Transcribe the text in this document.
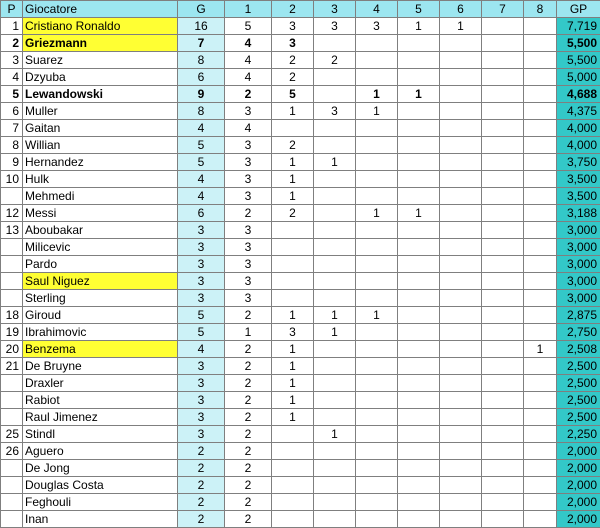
P	Giocatore	G	1	2	3	4	5	6	7	8	GP
1	Cristiano Ronaldo	16	5	3	3	3	1	1			7,719
2	Griezmann	7	4	3							5,500
3	Suarez	8	4	2	2						5,500
4	Dzyuba	6	4	2							5,000
5	Lewandowski	9	2	5		1	1				4,688
6	Muller	8	3	1	3	1					4,375
7	Gaitan	4	4								4,000
8	Willian	5	3	2							4,000
9	Hernandez	5	3	1	1						3,750
10	Hulk	4	3	1							3,500
	Mehmedi	4	3	1							3,500
12	Messi	6	2	2		1	1				3,188
13	Aboubakar	3	3								3,000
	Milicevic	3	3								3,000
	Pardo	3	3								3,000
	Saul Niguez	3	3								3,000
	Sterling	3	3								3,000
18	Giroud	5	2	1	1	1					2,875
19	Ibrahimovic	5	1	3	1						2,750
20	Benzema	4	2	1						1	2,508
21	De Bruyne	3	2	1							2,500
	Draxler	3	2	1							2,500
	Rabiot	3	2	1							2,500
	Raul Jimenez	3	2	1							2,500
25	Stindl	3	2		1						2,250
26	Aguero	2	2								2,000
	De Jong	2	2								2,000
	Douglas Costa	2	2								2,000
	Feghouli	2	2								2,000
	Inan	2	2								2,000
